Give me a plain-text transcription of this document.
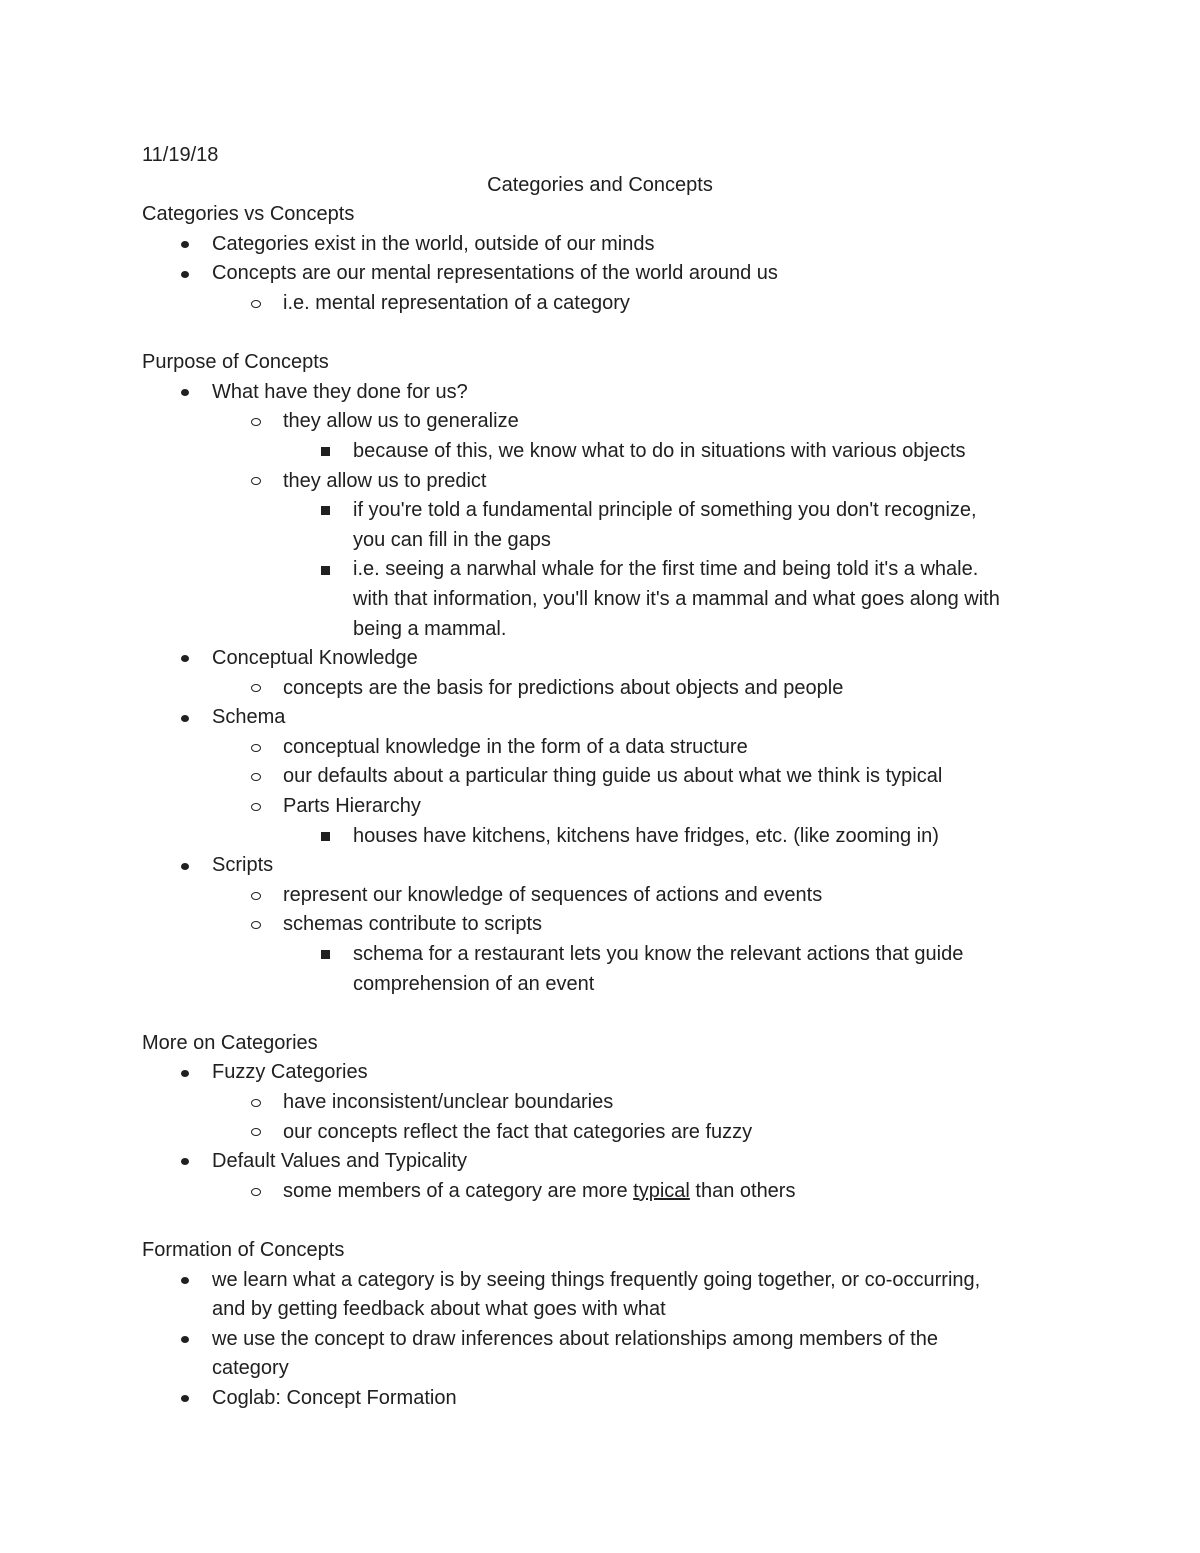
11/19/18
Categories and Concepts
Categories vs Concepts
Categories exist in the world, outside of our minds
Concepts are our mental representations of the world around us
i.e. mental representation of a category
Purpose of Concepts
What have they done for us?
they allow us to generalize
because of this, we know what to do in situations with various objects
they allow us to predict
if you're told a fundamental principle of something you don't recognize,
you can fill in the gaps
i.e. seeing a narwhal whale for the first time and being told it's a whale.
with that information, you'll know it's a mammal and what goes along with
being a mammal.
Conceptual Knowledge
concepts are the basis for predictions about objects and people
Schema
conceptual knowledge in the form of a data structure
our defaults about a particular thing guide us about what we think is typical
Parts Hierarchy
houses have kitchens, kitchens have fridges, etc. (like zooming in)
Scripts
represent our knowledge of sequences of actions and events
schemas contribute to scripts
schema for a restaurant lets you know the relevant actions that guide
comprehension of an event
More on Categories
Fuzzy Categories
have inconsistent/unclear boundaries
our concepts reflect the fact that categories are fuzzy
Default Values and Typicality
some members of a category are more typical than others
Formation of Concepts
we learn what a category is by seeing things frequently going together, or co-occurring,
and by getting feedback about what goes with what
we use the concept to draw inferences about relationships among members of the
category
Coglab: Concept Formation
